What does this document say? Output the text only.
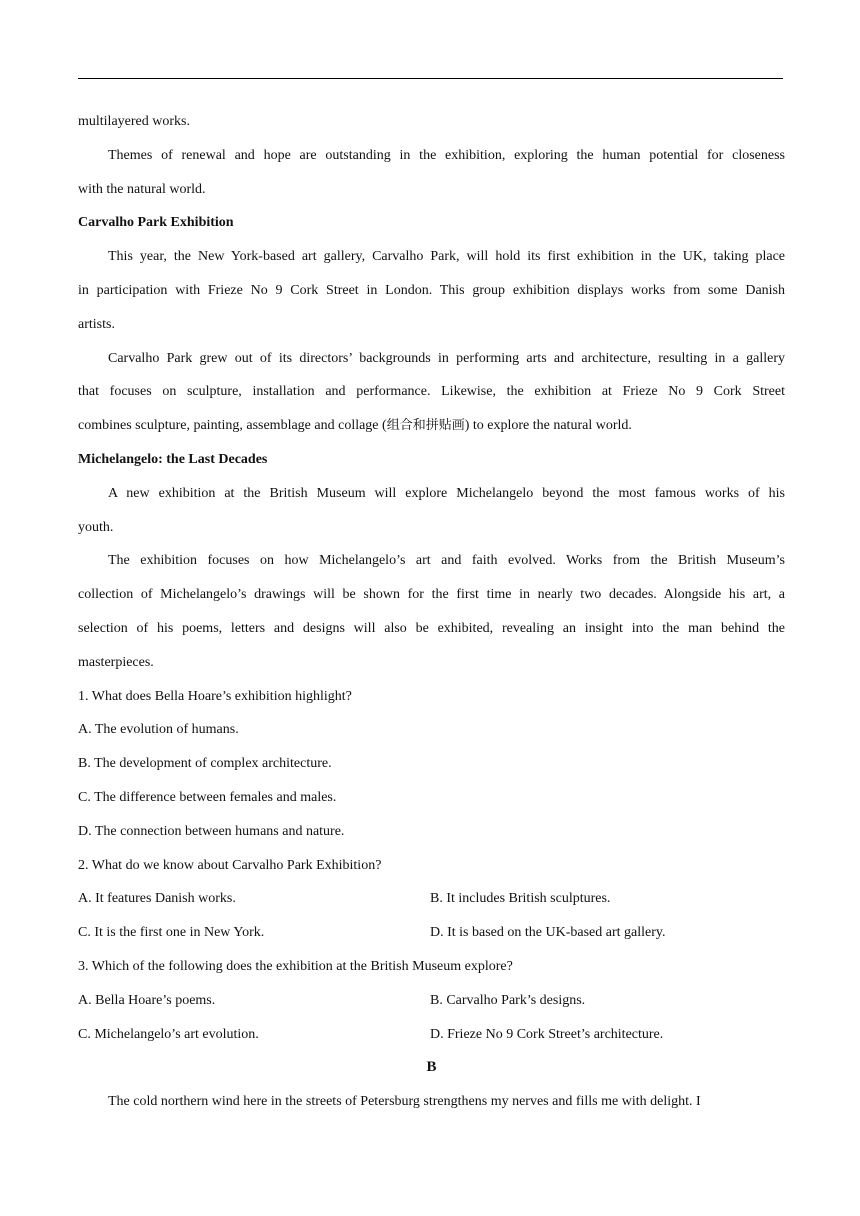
multilayered works.
Themes of renewal and hope are outstanding in the exhibition, exploring the human potential for closeness
with the natural world.
Carvalho Park Exhibition
This year, the New York-based art gallery, Carvalho Park, will hold its first exhibition in the UK, taking place
in participation with Frieze No 9 Cork Street in London. This group exhibition displays works from some Danish
artists.
Carvalho Park grew out of its directors’ backgrounds in performing arts and architecture, resulting in a gallery
that focuses on sculpture, installation and performance. Likewise, the exhibition at Frieze No 9 Cork Street
combines sculpture, painting, assemblage and collage (组合和拼贴画) to explore the natural world.
Michelangelo: the Last Decades
A new exhibition at the British Museum will explore Michelangelo beyond the most famous works of his
youth.
The exhibition focuses on how Michelangelo’s art and faith evolved. Works from the British Museum’s
collection of Michelangelo’s drawings will be shown for the first time in nearly two decades. Alongside his art, a
selection of his poems, letters and designs will also be exhibited, revealing an insight into the man behind the
masterpieces.
1. What does Bella Hoare’s exhibition highlight?
A. The evolution of humans.
B. The development of complex architecture.
C. The difference between females and males.
D. The connection between humans and nature.
2. What do we know about Carvalho Park Exhibition?
A. It features Danish works.	B. It includes British sculptures.
C. It is the first one in New York.	D. It is based on the UK-based art gallery.
3. Which of the following does the exhibition at the British Museum explore?
A. Bella Hoare’s poems.	B. Carvalho Park’s designs.
C. Michelangelo’s art evolution.	D. Frieze No 9 Cork Street’s architecture.
B
The cold northern wind here in the streets of Petersburg strengthens my nerves and fills me with delight. I
